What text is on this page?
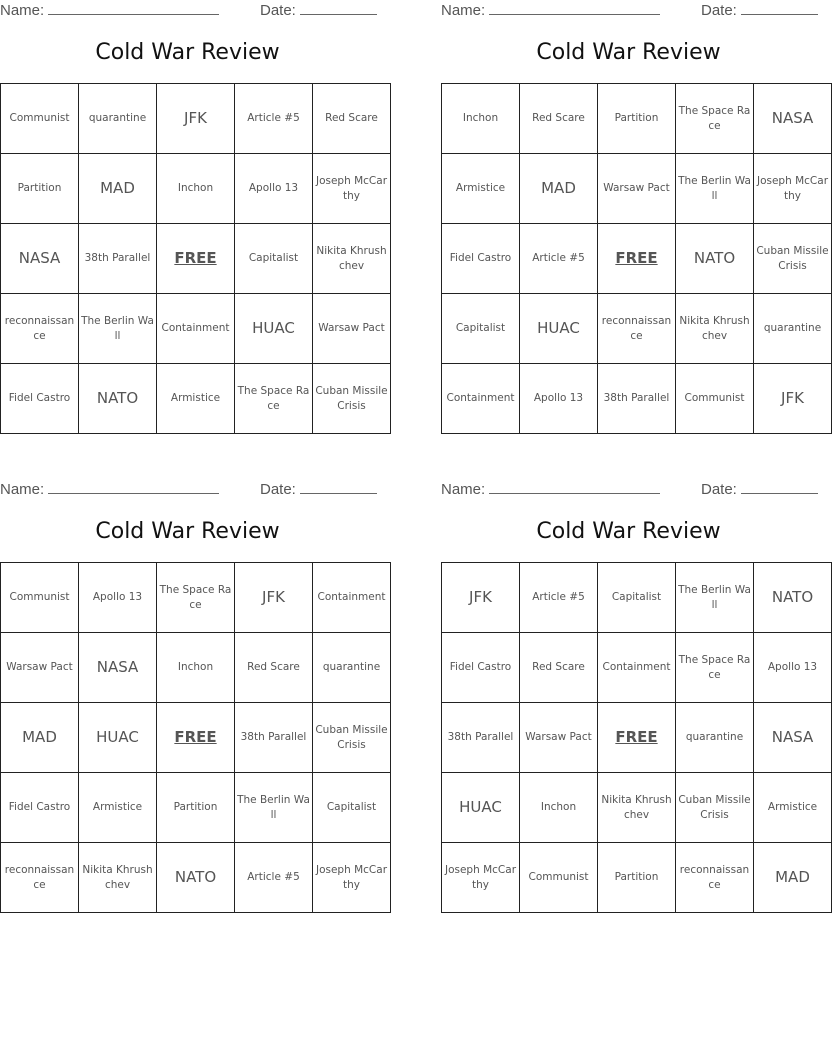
Name:	Date:
Cold War Review
Communist	quarantine	JFK	Article #5	Red Scare
Partition	MAD	Inchon	Apollo 13	Joseph McCarthy
NASA	38th Parallel	FREE	Capitalist	Nikita Khrushchev
reconnaissance	The Berlin Wall	Containment	HUAC	Warsaw Pact
Fidel Castro	NATO	Armistice	The Space Race	Cuban Missile Crisis
Name:	Date:
Cold War Review
Inchon	Red Scare	Partition	The Space Race	NASA
Armistice	MAD	Warsaw Pact	The Berlin Wall	Joseph McCarthy
Fidel Castro	Article #5	FREE	NATO	Cuban Missile Crisis
Capitalist	HUAC	reconnaissance	Nikita Khrushchev	quarantine
Containment	Apollo 13	38th Parallel	Communist	JFK
Name:	Date:
Cold War Review
Communist	Apollo 13	The Space Race	JFK	Containment
Warsaw Pact	NASA	Inchon	Red Scare	quarantine
MAD	HUAC	FREE	38th Parallel	Cuban Missile Crisis
Fidel Castro	Armistice	Partition	The Berlin Wall	Capitalist
reconnaissance	Nikita Khrushchev	NATO	Article #5	Joseph McCarthy
Name:	Date:
Cold War Review
JFK	Article #5	Capitalist	The Berlin Wall	NATO
Fidel Castro	Red Scare	Containment	The Space Race	Apollo 13
38th Parallel	Warsaw Pact	FREE	quarantine	NASA
HUAC	Inchon	Nikita Khrushchev	Cuban Missile Crisis	Armistice
Joseph McCarthy	Communist	Partition	reconnaissance	MAD
